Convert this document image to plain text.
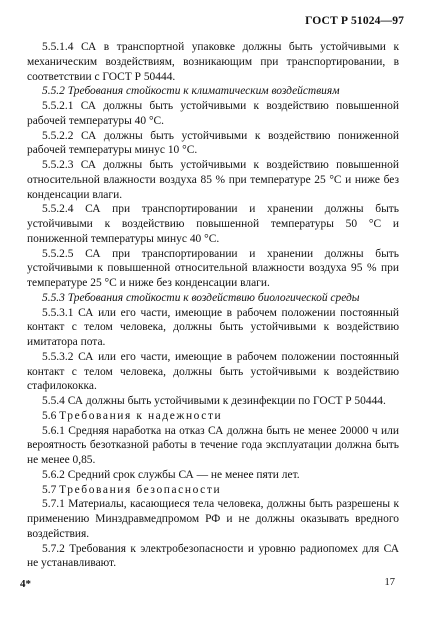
ГОСТ Р 51024—97

5.5.1.4 СА в транспортной упаковке должны быть устойчивыми к механическим воздействиям, возникающим при транспортировании, в соответствии с ГОСТ Р 50444.

5.5.2 Требования стойкости к климатическим воздействиям

5.5.2.1 СА должны быть устойчивыми к воздействию повышенной рабочей температуры 40 °С.

5.5.2.2 СА должны быть устойчивыми к воздействию пониженной рабочей температуры минус 10 °С.

5.5.2.3 СА должны быть устойчивыми к воздействию повышенной относительной влажности воздуха 85 % при температуре 25 °С и ниже без конденсации влаги.

5.5.2.4 СА при транспортировании и хранении должны быть устойчивыми к воздействию повышенной температуры 50 °С и пониженной температуры минус 40 °С.

5.5.2.5 СА при транспортировании и хранении должны быть устойчивыми к повышенной относительной влажности воздуха 95 % при температуре 25 °С и ниже без конденсации влаги.

5.5.3 Требования стойкости к воздействию биологической среды

5.5.3.1 СА или его части, имеющие в рабочем положении постоянный контакт с телом человека, должны быть устойчивыми к воздействию имитатора пота.

5.5.3.2 СА или его части, имеющие в рабочем положении постоянный контакт с телом человека, должны быть устойчивыми к воздействию стафилококка.

5.5.4 СА должны быть устойчивыми к дезинфекции по ГОСТ Р 50444.

5.6 Требования к надежности

5.6.1 Средняя наработка на отказ СА должна быть не менее 20000 ч или вероятность безотказной работы в течение года эксплуатации должна быть не менее 0,85.

5.6.2 Средний срок службы СА — не менее пяти лет.

5.7 Требования безопасности

5.7.1 Материалы, касающиеся тела человека, должны быть разрешены к применению Минздравмедпромом РФ и не должны оказывать вредного воздействия.

5.7.2 Требования к электробезопасности и уровню радиопомех для СА не устанавливают.

4*	17
